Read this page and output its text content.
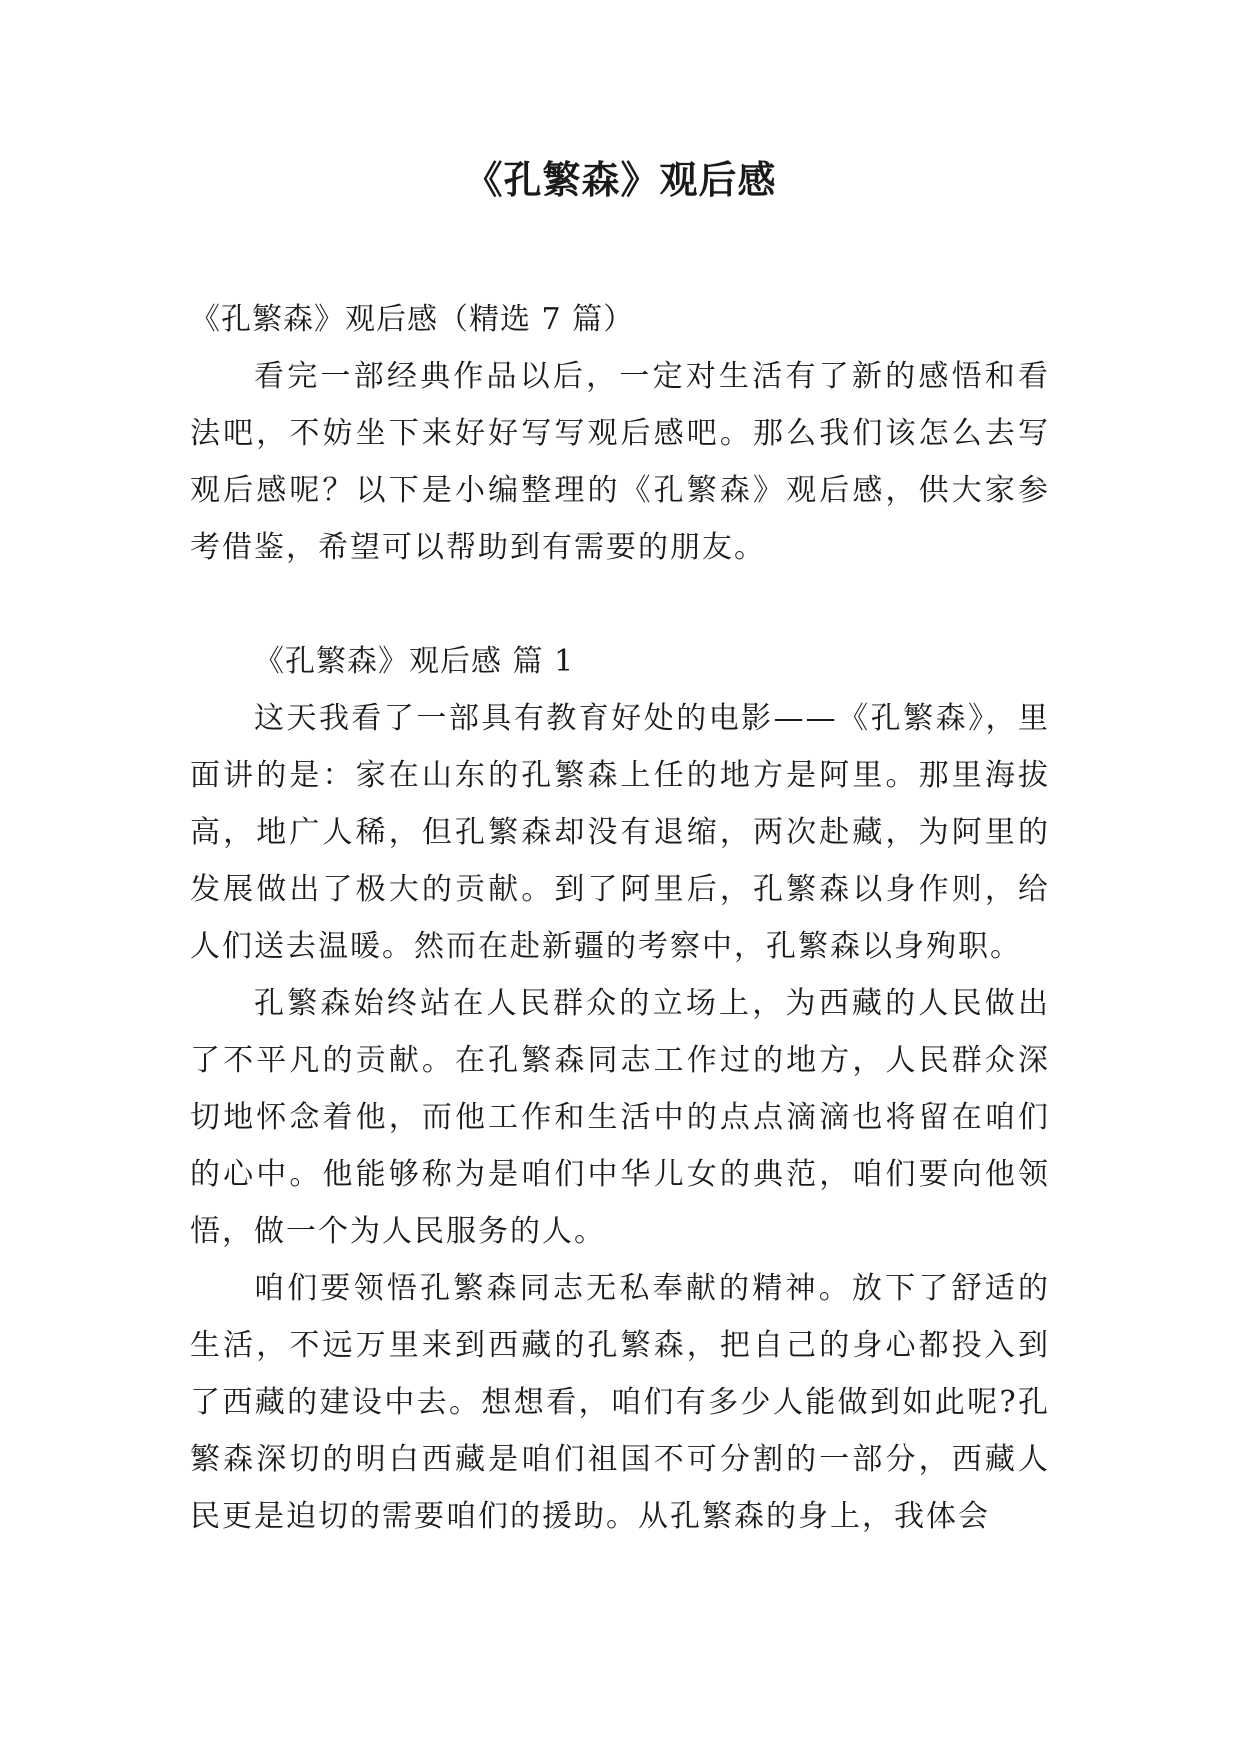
《孔繁森》观后感

《孔繁森》观后感（精选 7 篇）

看完一部经典作品以后，一定对生活有了新的感悟和看法吧，不妨坐下来好好写写观后感吧。那么我们该怎么去写观后感呢？以下是小编整理的《孔繁森》观后感，供大家参考借鉴，希望可以帮助到有需要的朋友。

《孔繁森》观后感 篇 1

这天我看了一部具有教育好处的电影——《孔繁森》，里面讲的是：家在山东的孔繁森上任的地方是阿里。那里海拔高，地广人稀，但孔繁森却没有退缩，两次赴藏，为阿里的发展做出了极大的贡献。到了阿里后，孔繁森以身作则，给人们送去温暖。然而在赴新疆的考察中，孔繁森以身殉职。

孔繁森始终站在人民群众的立场上，为西藏的人民做出了不平凡的贡献。在孔繁森同志工作过的地方，人民群众深切地怀念着他，而他工作和生活中的点点滴滴也将留在咱们的心中。他能够称为是咱们中华儿女的典范，咱们要向他领悟，做一个为人民服务的人。

咱们要领悟孔繁森同志无私奉献的精神。放下了舒适的生活，不远万里来到西藏的孔繁森，把自己的身心都投入到了西藏的建设中去。想想看，咱们有多少人能做到如此呢?孔繁森深切的明白西藏是咱们祖国不可分割的一部分，西藏人民更是迫切的需要咱们的援助。从孔繁森的身上，我体会
